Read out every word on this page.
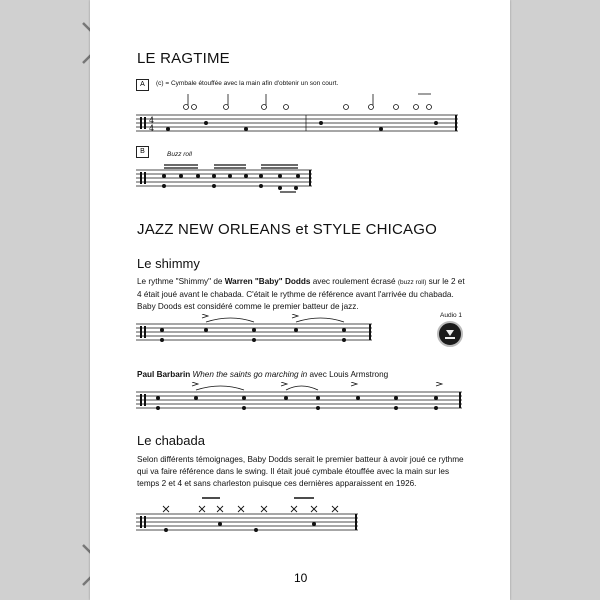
LE RAGTIME
A	(c) = Cymbale étouffée avec la main afin d'obtenir un son court.
4
4
B	Buzz roll
JAZZ NEW ORLEANS et STYLE CHICAGO
Le shimmy
Le rythme "Shimmy" de Warren "Baby" Dodds avec roulement écrasé (buzz roll) sur le 2 et 4 était joué avant le chabada. C'était le rythme de référence avant l'arrivée du chabada. Baby Doods est considéré comme le premier batteur de jazz.
Audio 1
Paul Barbarin When the saints go marching in avec Louis Armstrong
Le chabada
Selon différents témoignages, Baby Dodds serait le premier batteur à avoir joué ce rythme qui va faire référence dans le swing. Il était joué cymbale étouffée avec la main sur les temps 2 et 4 et sans charleston puisque ces dernières apparaissent en 1926.
10
